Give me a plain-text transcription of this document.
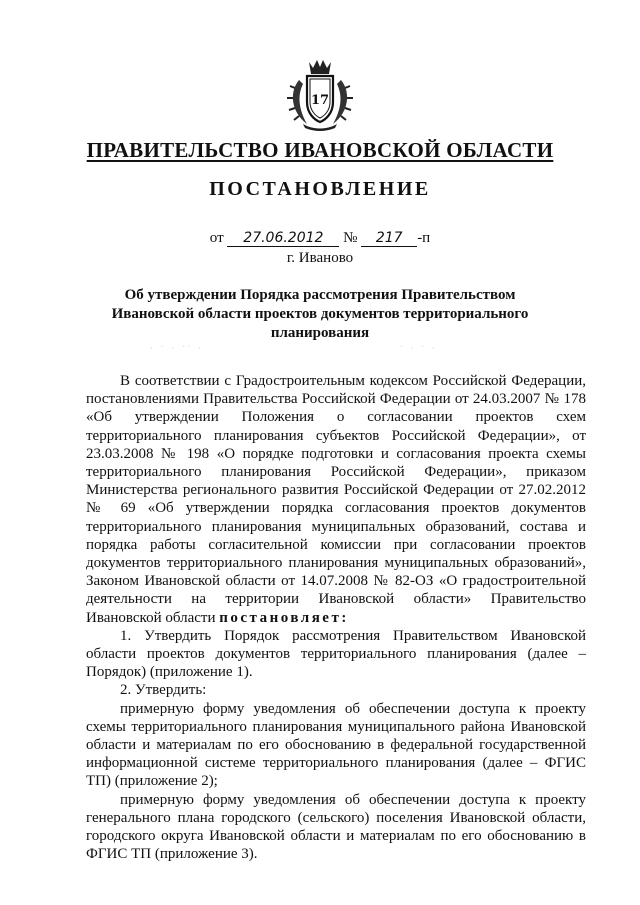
17
ПРАВИТЕЛЬСТВО ИВАНОВСКОЙ ОБЛАСТИ
ПОСТАНОВЛЕНИЕ
от 27.06.2012 № 217 -п
г. Иваново
Об утверждении Порядка рассмотрения Правительством Ивановской области проектов документов территориального планирования
· ˙ · ˙˙ ·	˙ · ˙ ·

В соответствии с Градостроительным кодексом Российской Федерации, постановлениями Правительства Российской Федерации от 24.03.2007 № 178 «Об утверждении Положения о согласовании проектов схем территориального планирования субъектов Российской Федерации», от 23.03.2008 № 198 «О порядке подготовки и согласования проекта схемы территориального планирования Российской Федерации», приказом Министерства регионального развития Российской Федерации от 27.02.2012 № 69 «Об утверждении порядка согласования проектов документов территориального планирования муниципальных образований, состава и порядка работы согласительной комиссии при согласовании проектов документов территориального планирования муниципальных образований», Законом Ивановской области от 14.07.2008 № 82-ОЗ «О градостроительной деятельности на территории Ивановской области» Правительство Ивановской области постановляет:

1. Утвердить Порядок рассмотрения Правительством Ивановской области проектов документов территориального планирования (далее – Порядок) (приложение 1).

2. Утвердить:

примерную форму уведомления об обеспечении доступа к проекту схемы территориального планирования муниципального района Ивановской области и материалам по его обоснованию в федеральной государственной информационной системе территориального планирования (далее – ФГИС ТП) (приложение 2);

примерную форму уведомления об обеспечении доступа к проекту генерального плана городского (сельского) поселения Ивановской области, городского округа Ивановской области и материалам по его обоснованию в ФГИС ТП (приложение 3).
